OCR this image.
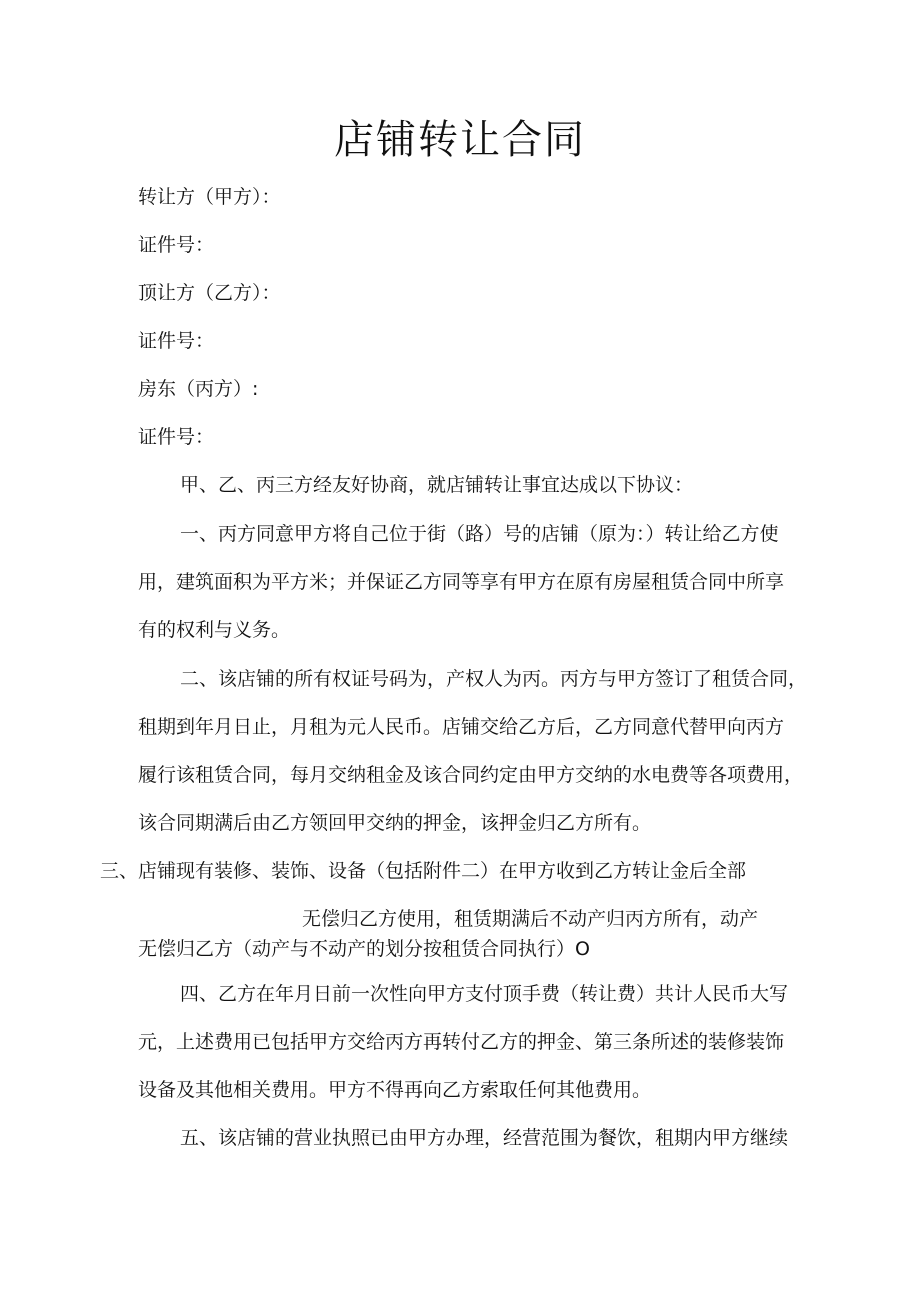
店铺转让合同
转让方（甲方）：
证件号：
顶让方（乙方）：
证件号：
房东（丙方）:
证件号：
甲、乙、丙三方经友好协商，就店铺转让事宜达成以下协议：
一、丙方同意甲方将自己位于街（路）号的店铺（原为：）转让给乙方使
用，建筑面积为平方米；并保证乙方同等享有甲方在原有房屋租赁合同中所享
有的权利与义务。
二、该店铺的所有权证号码为，产权人为丙。丙方与甲方签订了租赁合同，
租期到年月日止，月租为元人民币。店铺交给乙方后，乙方同意代替甲向丙方
履行该租赁合同，每月交纳租金及该合同约定由甲方交纳的水电费等各项费用，
该合同期满后由乙方领回甲交纳的押金，该押金归乙方所有。
三、店铺现有装修、装饰、设备（包括附件二）在甲方收到乙方转让金后全部
无偿归乙方使用，租赁期满后不动产归丙方所有，动产
无偿归乙方（动产与不动产的划分按租赁合同执行）O
四、乙方在年月日前一次性向甲方支付顶手费（转让费）共计人民币大写
元，上述费用已包括甲方交给丙方再转付乙方的押金、第三条所述的装修装饰
设备及其他相关费用。甲方不得再向乙方索取任何其他费用。
五、该店铺的营业执照已由甲方办理，经营范围为餐饮，租期内甲方继续
